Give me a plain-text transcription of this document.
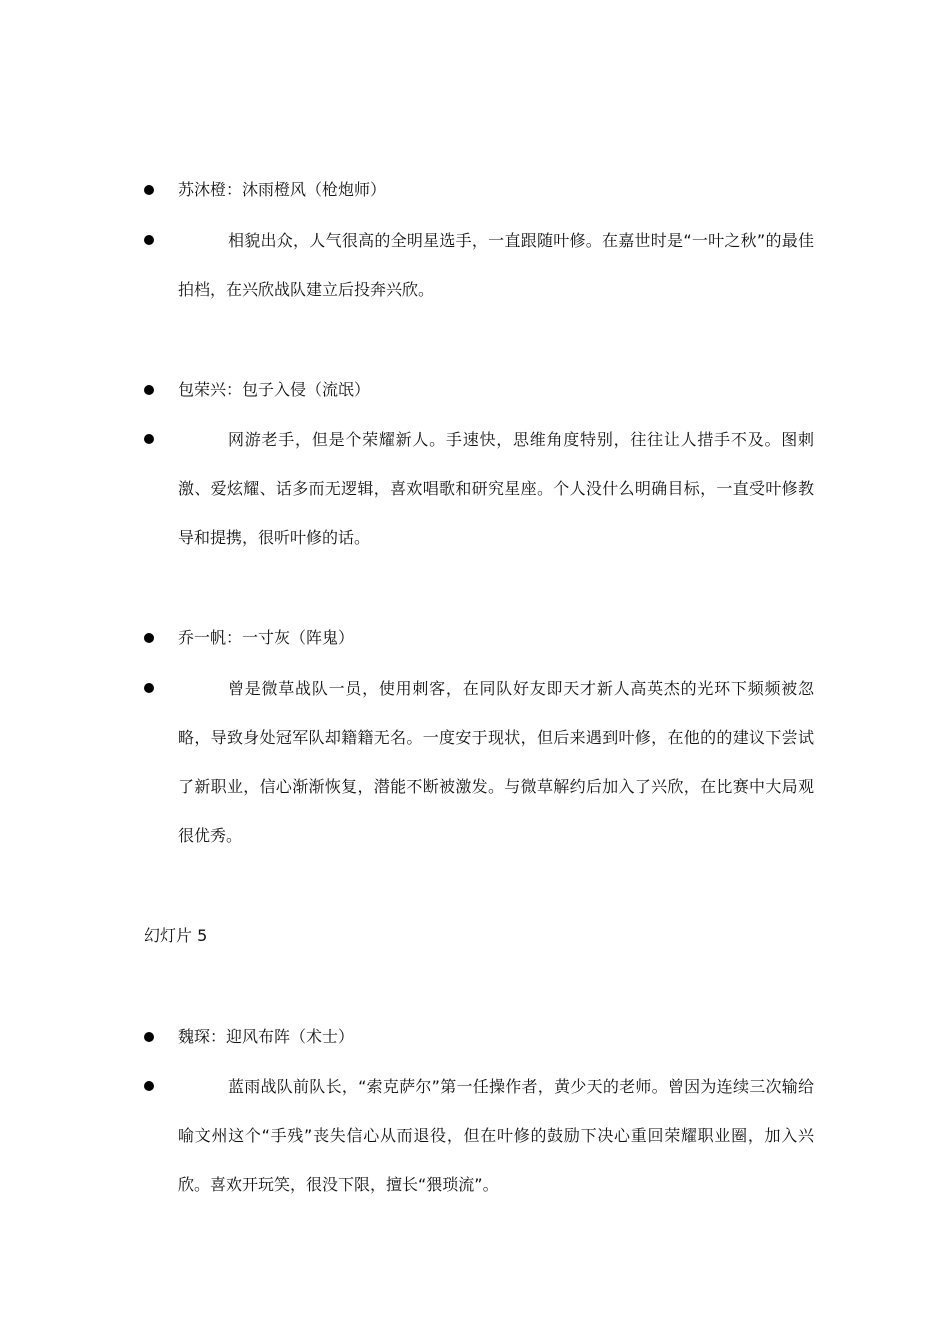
苏沐橙：沐雨橙风（枪炮师）
相貌出众，人气很高的全明星选手，一直跟随叶修。在嘉世时是“一叶之秋”的最佳拍档，在兴欣战队建立后投奔兴欣。
包荣兴：包子入侵（流氓）
网游老手，但是个荣耀新人。手速快，思维角度特别，往往让人措手不及。图刺激、爱炫耀、话多而无逻辑，喜欢唱歌和研究星座。个人没什么明确目标，一直受叶修教导和提携，很听叶修的话。
乔一帆：一寸灰（阵鬼）
曾是微草战队一员，使用刺客，在同队好友即天才新人高英杰的光环下频频被忽略，导致身处冠军队却籍籍无名。一度安于现状，但后来遇到叶修，在他的的建议下尝试了新职业，信心渐渐恢复，潜能不断被激发。与微草解约后加入了兴欣，在比赛中大局观很优秀。
幻灯片 5
魏琛：迎风布阵（术士）
蓝雨战队前队长，“索克萨尔”第一任操作者，黄少天的老师。曾因为连续三次输给喻文州这个“手残”丧失信心从而退役，但在叶修的鼓励下决心重回荣耀职业圈，加入兴欣。喜欢开玩笑，很没下限，擅长“猥琐流”。
